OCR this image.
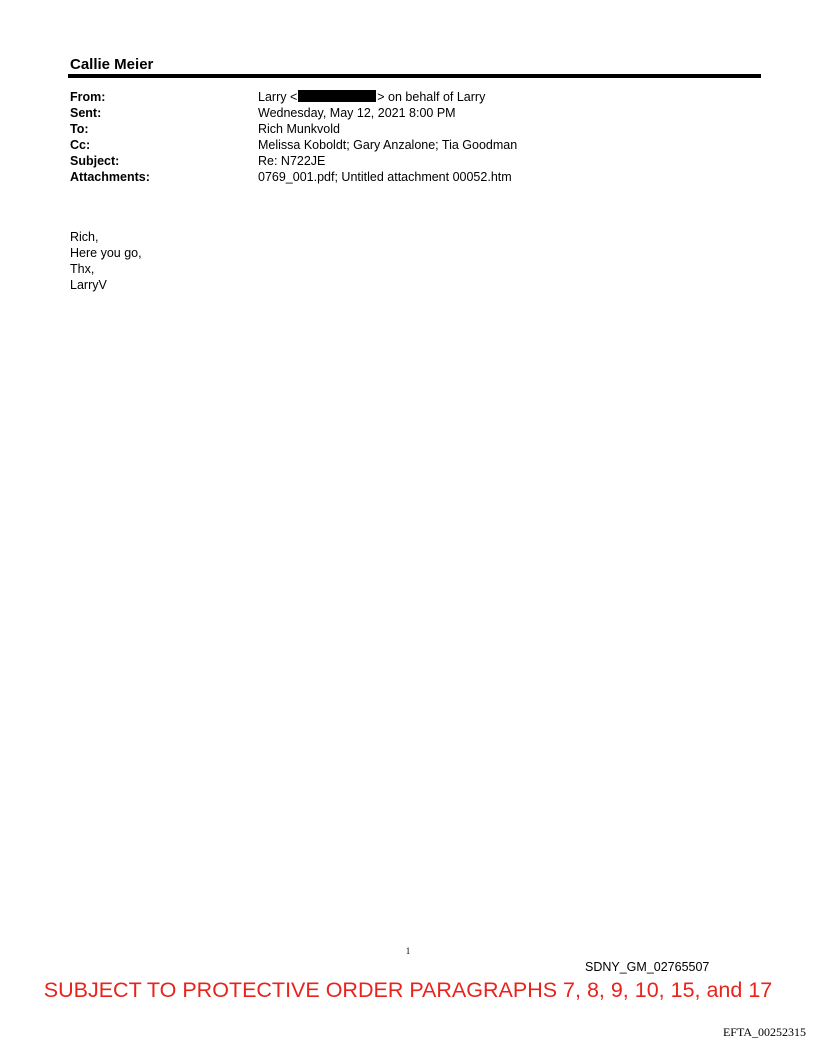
Callie Meier
From:	Larry <	> on behalf of Larry
Sent:	Wednesday, May 12, 2021 8:00 PM
To:	Rich Munkvold
Cc:	Melissa Koboldt; Gary Anzalone; Tia Goodman
Subject:	Re: N722JE
Attachments:	0769_001.pdf; Untitled attachment 00052.htm
Rich,
Here you go,
Thx,
LarryV
1
SDNY_GM_02765507
SUBJECT TO PROTECTIVE ORDER PARAGRAPHS 7, 8, 9, 10, 15, and 17
EFTA_00252315
